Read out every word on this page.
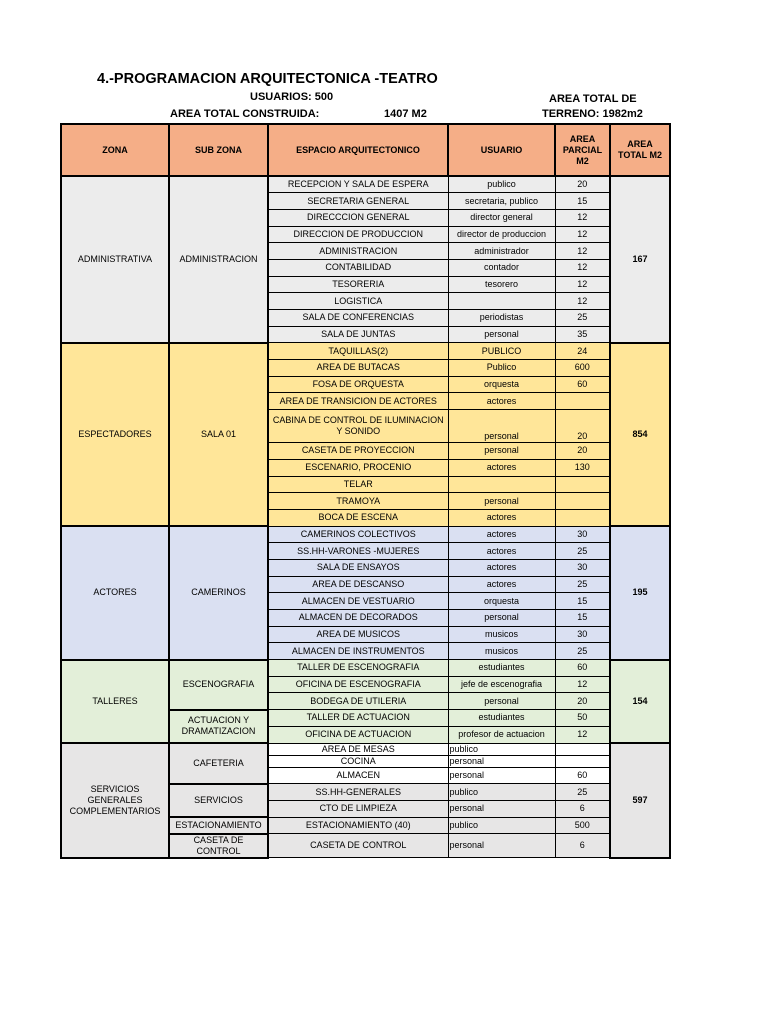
4.-PROGRAMACION ARQUITECTONICA -TEATRO
USUARIOS: 500
AREA TOTAL CONSTRUIDA:	1407 M2
AREA TOTAL DE
TERRENO: 1982m2
ZONA	SUB ZONA	ESPACIO ARQUITECTONICO	USUARIO	AREA PARCIAL M2	AREA TOTAL M2
ADMINISTRATIVA	ADMINISTRACION	RECEPCION Y SALA DE ESPERA	publico	20	167
		SECRETARIA GENERAL	secretaria, publico	15	
		DIRECCCION GENERAL	director general	12	
		DIRECCION DE PRODUCCION	director de produccion	12	
		ADMINISTRACION	administrador	12	
		CONTABILIDAD	contador	12	
		TESORERIA	tesorero	12	
		LOGISTICA		12	
		SALA DE CONFERENCIAS	periodistas	25	
		SALA DE JUNTAS	personal	35	
ESPECTADORES	SALA 01	TAQUILLAS(2)	PUBLICO	24	854
		AREA DE BUTACAS	Publico	600	
		FOSA DE ORQUESTA	orquesta	60	
		AREA DE TRANSICION DE ACTORES	actores		
		CABINA DE CONTROL DE ILUMINACION Y SONIDO	personal	20	
		CASETA DE PROYECCION	personal	20	
		ESCENARIO, PROCENIO	actores	130	
		TELAR			
		TRAMOYA	personal		
		BOCA DE ESCENA	actores		
ACTORES	CAMERINOS	CAMERINOS COLECTIVOS	actores	30	195
		SS.HH-VARONES -MUJERES	actores	25	
		SALA DE ENSAYOS	actores	30	
		AREA DE DESCANSO	actores	25	
		ALMACEN DE VESTUARIO	orquesta	15	
		ALMACEN DE DECORADOS	personal	15	
		AREA DE MUSICOS	musicos	30	
		ALMACEN DE INSTRUMENTOS	musicos	25	
TALLERES	ESCENOGRAFIA	TALLER DE ESCENOGRAFIA	estudiantes	60	154
		OFICINA DE ESCENOGRAFIA	jefe de escenografia	12	
		BODEGA DE UTILERIA	personal	20	
	ACTUACION Y DRAMATIZACION	TALLER DE ACTUACION	estudiantes	50	
		OFICINA DE ACTUACION	profesor de actuacion	12	
SERVICIOS GENERALES COMPLEMENTARIOS	CAFETERIA	AREA DE MESAS	publico		597
		COCINA	personal		
		ALMACEN	personal	60	
	SERVICIOS	SS.HH-GENERALES	publico	25	
		CTO DE LIMPIEZA	personal	6	
	ESTACIONAMIENTO	ESTACIONAMIENTO (40)	publico	500	
	CASETA DE CONTROL	CASETA DE CONTROL	personal	6	
